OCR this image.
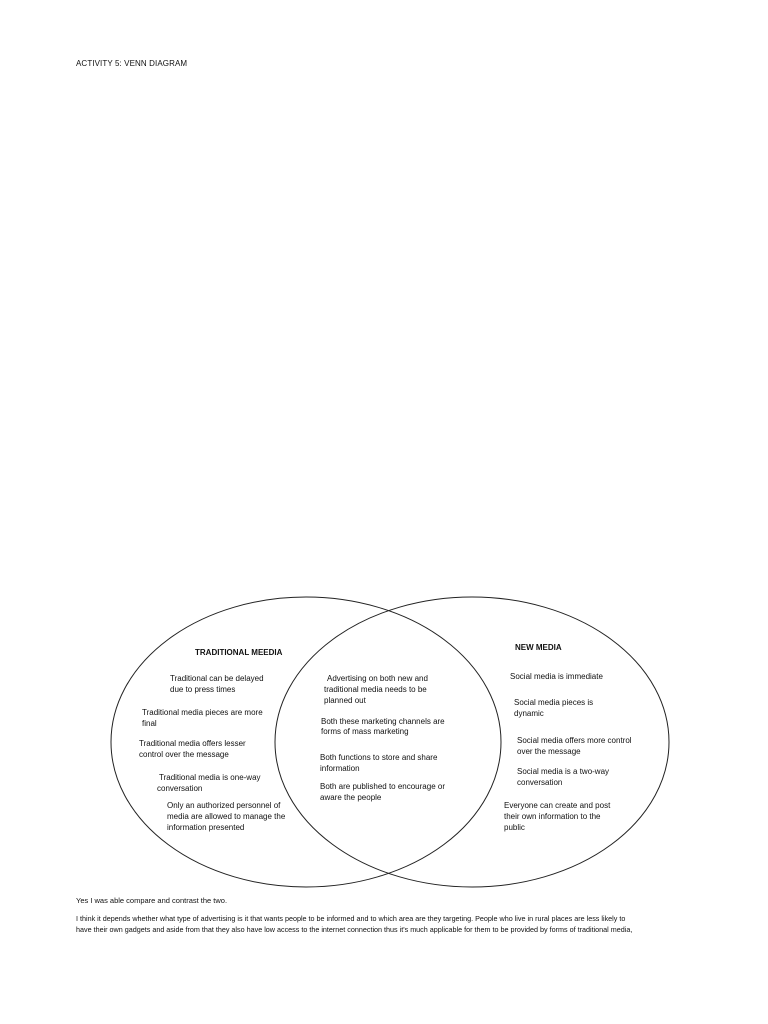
ACTIVITY 5: VENN DIAGRAM
TRADITIONAL MEEDIA
Traditional can be delayed
due to press times
Traditional media pieces are more
final
Traditional media offers lesser
control over the message
Traditional media is one-way
conversation
Only an authorized personnel of
media are allowed to manage the
information presented
Advertising on both new and
traditional media needs to be
planned out
Both these marketing channels are
forms of mass marketing
Both functions to store and share
information
Both are published to encourage or
aware the people
NEW MEDIA
Social media is immediate
Social media pieces is
dynamic
Social media offers more control
over the message
Social media is a two-way
conversation
Everyone can create and post
their own information to the
public
Yes I was able compare and contrast the two.
I think it depends whether what type of advertising is it that wants people to be informed and to which area are they targeting. People who live in rural places are less likely to
have their own gadgets and aside from that they also have low access to the internet connection thus it's much applicable for them to be provided by forms of traditional media,
